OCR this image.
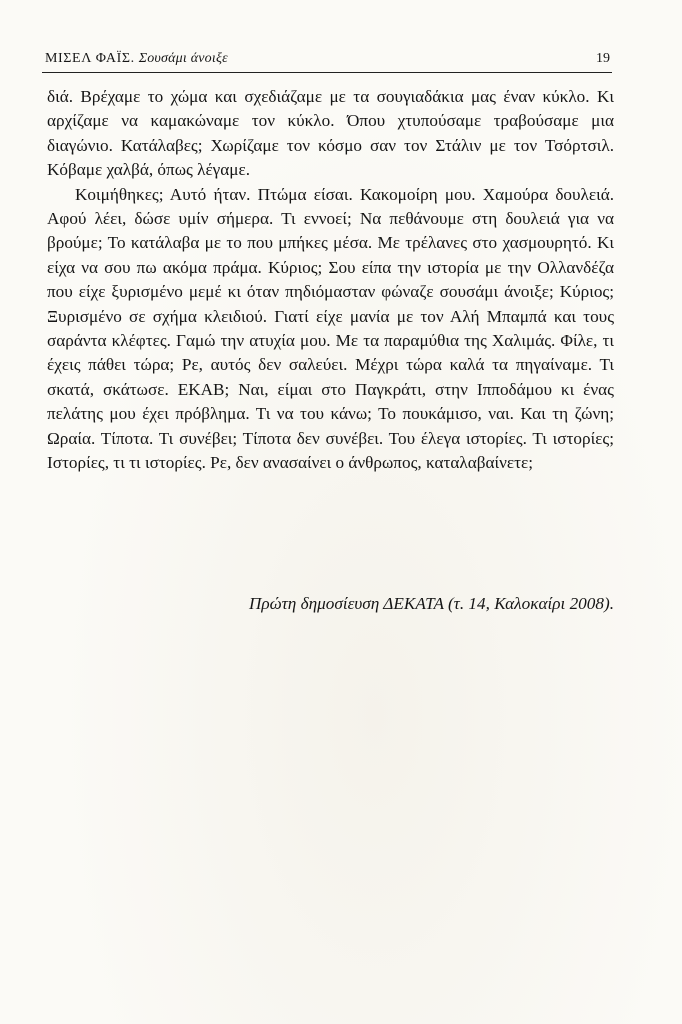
ΜΙΣΕΛ ΦΑΪΣ. Σουσάμι άνοιξε	19

διά. Βρέχαμε το χώμα και σχεδιάζαμε με τα σουγιαδάκια μας έναν κύκλο. Κι αρχίζαμε να καμακώναμε τον κύκλο. Όπου χτυπούσαμε τραβούσαμε μια διαγώνιο. Κατάλαβες; Χωρίζαμε τον κόσμο σαν τον Στάλιν με τον Τσόρτσιλ. Κόβαμε χαλβά, όπως λέγαμε.

Κοιμήθηκες; Αυτό ήταν. Πτώμα είσαι. Κακομοίρη μου. Χαμούρα δουλειά. Αφού λέει, δώσε υμίν σήμερα. Τι εννοεί; Να πεθάνουμε στη δουλειά για να βρούμε; Το κατάλαβα με το που μπήκες μέσα. Με τρέλανες στο χασμουρητό. Κι είχα να σου πω ακόμα πράμα. Κύριος; Σου είπα την ιστορία με την Ολλανδέζα που είχε ξυρισμένο μεμέ κι όταν πηδιόμασταν φώναζε σουσάμι άνοιξε; Κύριος; Ξυρισμένο σε σχήμα κλειδιού. Γιατί είχε μανία με τον Αλή Μπαμπά και τους σαράντα κλέφτες. Γαμώ την ατυχία μου. Με τα παραμύθια της Χαλιμάς. Φίλε, τι έχεις πάθει τώρα; Ρε, αυτός δεν σαλεύει. Μέχρι τώρα καλά τα πηγαίναμε. Τι σκατά, σκάτωσε. ΕΚΑΒ; Ναι, είμαι στο Παγκράτι, στην Ιπποδάμου κι ένας πελάτης μου έχει πρόβλημα. Τι να του κάνω; Το πουκάμισο, ναι. Και τη ζώνη; Ωραία. Τίποτα. Τι συνέβει; Τίποτα δεν συνέβει. Του έλεγα ιστορίες. Τι ιστορίες; Ιστορίες, τι τι ιστορίες. Ρε, δεν ανασαίνει ο άνθρωπος, καταλαβαίνετε;

Πρώτη δημοσίευση ΔΕΚΑΤΑ (τ. 14, Καλοκαίρι 2008).
